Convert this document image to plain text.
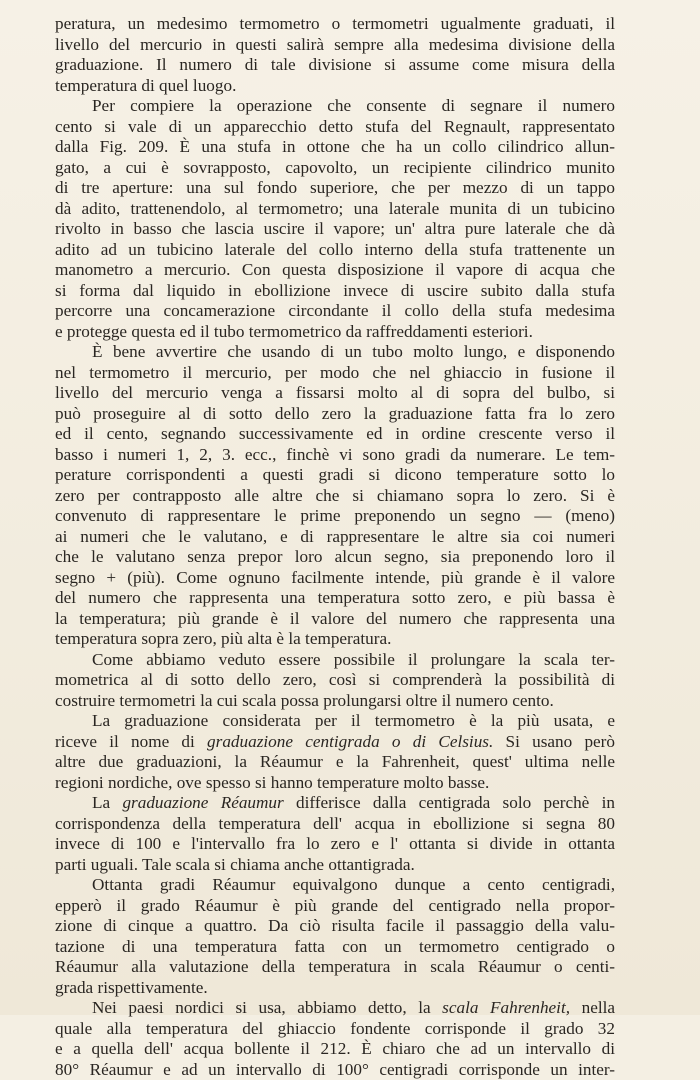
peratura, un medesimo termometro o termometri ugualmente graduati, il
livello del mercurio in questi salirà sempre alla medesima divisione della
graduazione. Il numero di tale divisione si assume come misura della
temperatura di quel luogo.
Per compiere la operazione che consente di segnare il numero
cento si vale di un apparecchio detto stufa del Regnault, rappresentato
dalla Fig. 209. È una stufa in ottone che ha un collo cilindrico allun-
gato, a cui è sovrapposto, capovolto, un recipiente cilindrico munito
di tre aperture: una sul fondo superiore, che per mezzo di un tappo
dà adito, trattenendolo, al termometro; una laterale munita di un tubicino
rivolto in basso che lascia uscire il vapore; un' altra pure laterale che dà
adito ad un tubicino laterale del collo interno della stufa trattenente un
manometro a mercurio. Con questa disposizione il vapore di acqua che
si forma dal liquido in ebollizione invece di uscire subito dalla stufa
percorre una concamerazione circondante il collo della stufa medesima
e protegge questa ed il tubo termometrico da raffreddamenti esteriori.
È bene avvertire che usando di un tubo molto lungo, e disponendo
nel termometro il mercurio, per modo che nel ghiaccio in fusione il
livello del mercurio venga a fissarsi molto al di sopra del bulbo, si
può proseguire al di sotto dello zero la graduazione fatta fra lo zero
ed il cento, segnando successivamente ed in ordine crescente verso il
basso i numeri 1, 2, 3. ecc., finchè vi sono gradi da numerare. Le tem-
perature corrispondenti a questi gradi si dicono temperature sotto lo
zero per contrapposto alle altre che si chiamano sopra lo zero. Si è
convenuto di rappresentare le prime preponendo un segno — (meno)
ai numeri che le valutano, e di rappresentare le altre sia coi numeri
che le valutano senza prepor loro alcun segno, sia preponendo loro il
segno + (più). Come ognuno facilmente intende, più grande è il valore
del numero che rappresenta una temperatura sotto zero, e più bassa è
la temperatura; più grande è il valore del numero che rappresenta una
temperatura sopra zero, più alta è la temperatura.
Come abbiamo veduto essere possibile il prolungare la scala ter-
mometrica al di sotto dello zero, così si comprenderà la possibilità di
costruire termometri la cui scala possa prolungarsi oltre il numero cento.
La graduazione considerata per il termometro è la più usata, e
riceve il nome di graduazione centigrada o di Celsius. Si usano però
altre due graduazioni, la Réaumur e la Fahrenheit, quest' ultima nelle
regioni nordiche, ove spesso si hanno temperature molto basse.
La graduazione Réaumur differisce dalla centigrada solo perchè in
corrispondenza della temperatura dell' acqua in ebollizione si segna 80
invece di 100 e l'intervallo fra lo zero e l' ottanta si divide in ottanta
parti uguali. Tale scala si chiama anche ottantigrada.
Ottanta gradi Réaumur equivalgono dunque a cento centigradi,
epperò il grado Réaumur è più grande del centigrado nella propor-
zione di cinque a quattro. Da ciò risulta facile il passaggio della valu-
tazione di una temperatura fatta con un termometro centigrado o
Réaumur alla valutazione della temperatura in scala Réaumur o centi-
grada rispettivamente.
Nei paesi nordici si usa, abbiamo detto, la scala Fahrenheit, nella
quale alla temperatura del ghiaccio fondente corrisponde il grado 32
e a quella dell' acqua bollente il 212. È chiaro che ad un intervallo di
80° Réaumur e ad un intervallo di 100° centigradi corrisponde un inter-
